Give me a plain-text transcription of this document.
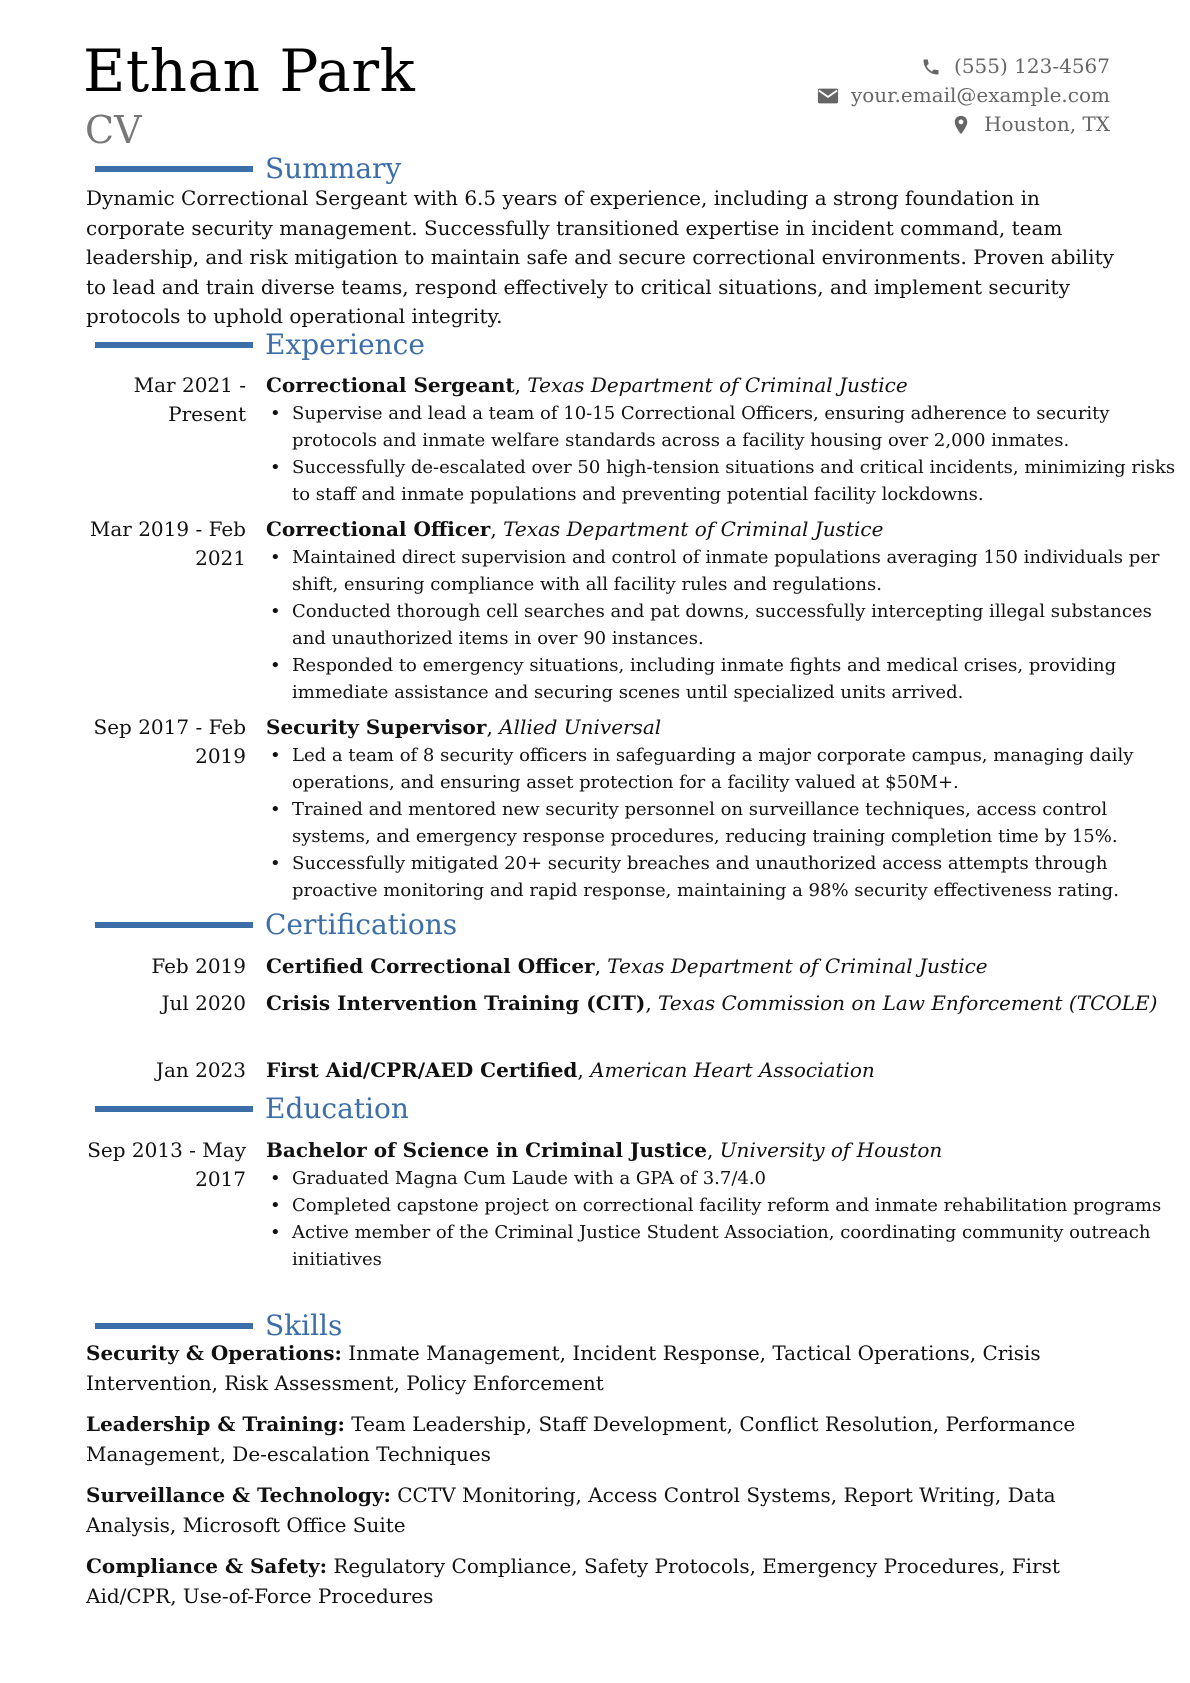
Ethan Park
CV
(555) 123-4567
your.email@example.com
Houston, TX
Summary
Dynamic Correctional Sergeant with 6.5 years of experience, including a strong foundation in corporate security management. Successfully transitioned expertise in incident command, team leadership, and risk mitigation to maintain safe and secure correctional environments. Proven ability to lead and train diverse teams, respond effectively to critical situations, and implement security protocols to uphold operational integrity.
Experience
Mar 2021 -
Present
Correctional Sergeant, Texas Department of Criminal Justice
• Supervise and lead a team of 10-15 Correctional Officers, ensuring adherence to security protocols and inmate welfare standards across a facility housing over 2,000 inmates.
• Successfully de-escalated over 50 high-tension situations and critical incidents, minimizing risks to staff and inmate populations and preventing potential facility lockdowns.
Mar 2019 - Feb
2021
Correctional Officer, Texas Department of Criminal Justice
• Maintained direct supervision and control of inmate populations averaging 150 individuals per shift, ensuring compliance with all facility rules and regulations.
• Conducted thorough cell searches and pat downs, successfully intercepting illegal substances and unauthorized items in over 90 instances.
• Responded to emergency situations, including inmate fights and medical crises, providing immediate assistance and securing scenes until specialized units arrived.
Sep 2017 - Feb
2019
Security Supervisor, Allied Universal
• Led a team of 8 security officers in safeguarding a major corporate campus, managing daily operations, and ensuring asset protection for a facility valued at $50M+.
• Trained and mentored new security personnel on surveillance techniques, access control systems, and emergency response procedures, reducing training completion time by 15%.
• Successfully mitigated 20+ security breaches and unauthorized access attempts through proactive monitoring and rapid response, maintaining a 98% security effectiveness rating.
Certifications
Feb 2019 Certified Correctional Officer, Texas Department of Criminal Justice
Jul 2020 Crisis Intervention Training (CIT), Texas Commission on Law Enforcement (TCOLE)
Jan 2023 First Aid/CPR/AED Certified, American Heart Association
Education
Sep 2013 - May
2017
Bachelor of Science in Criminal Justice, University of Houston
• Graduated Magna Cum Laude with a GPA of 3.7/4.0
• Completed capstone project on correctional facility reform and inmate rehabilitation programs
• Active member of the Criminal Justice Student Association, coordinating community outreach initiatives
Skills
Security & Operations: Inmate Management, Incident Response, Tactical Operations, Crisis Intervention, Risk Assessment, Policy Enforcement
Leadership & Training: Team Leadership, Staff Development, Conflict Resolution, Performance Management, De-escalation Techniques
Surveillance & Technology: CCTV Monitoring, Access Control Systems, Report Writing, Data Analysis, Microsoft Office Suite
Compliance & Safety: Regulatory Compliance, Safety Protocols, Emergency Procedures, First Aid/CPR, Use-of-Force Procedures
